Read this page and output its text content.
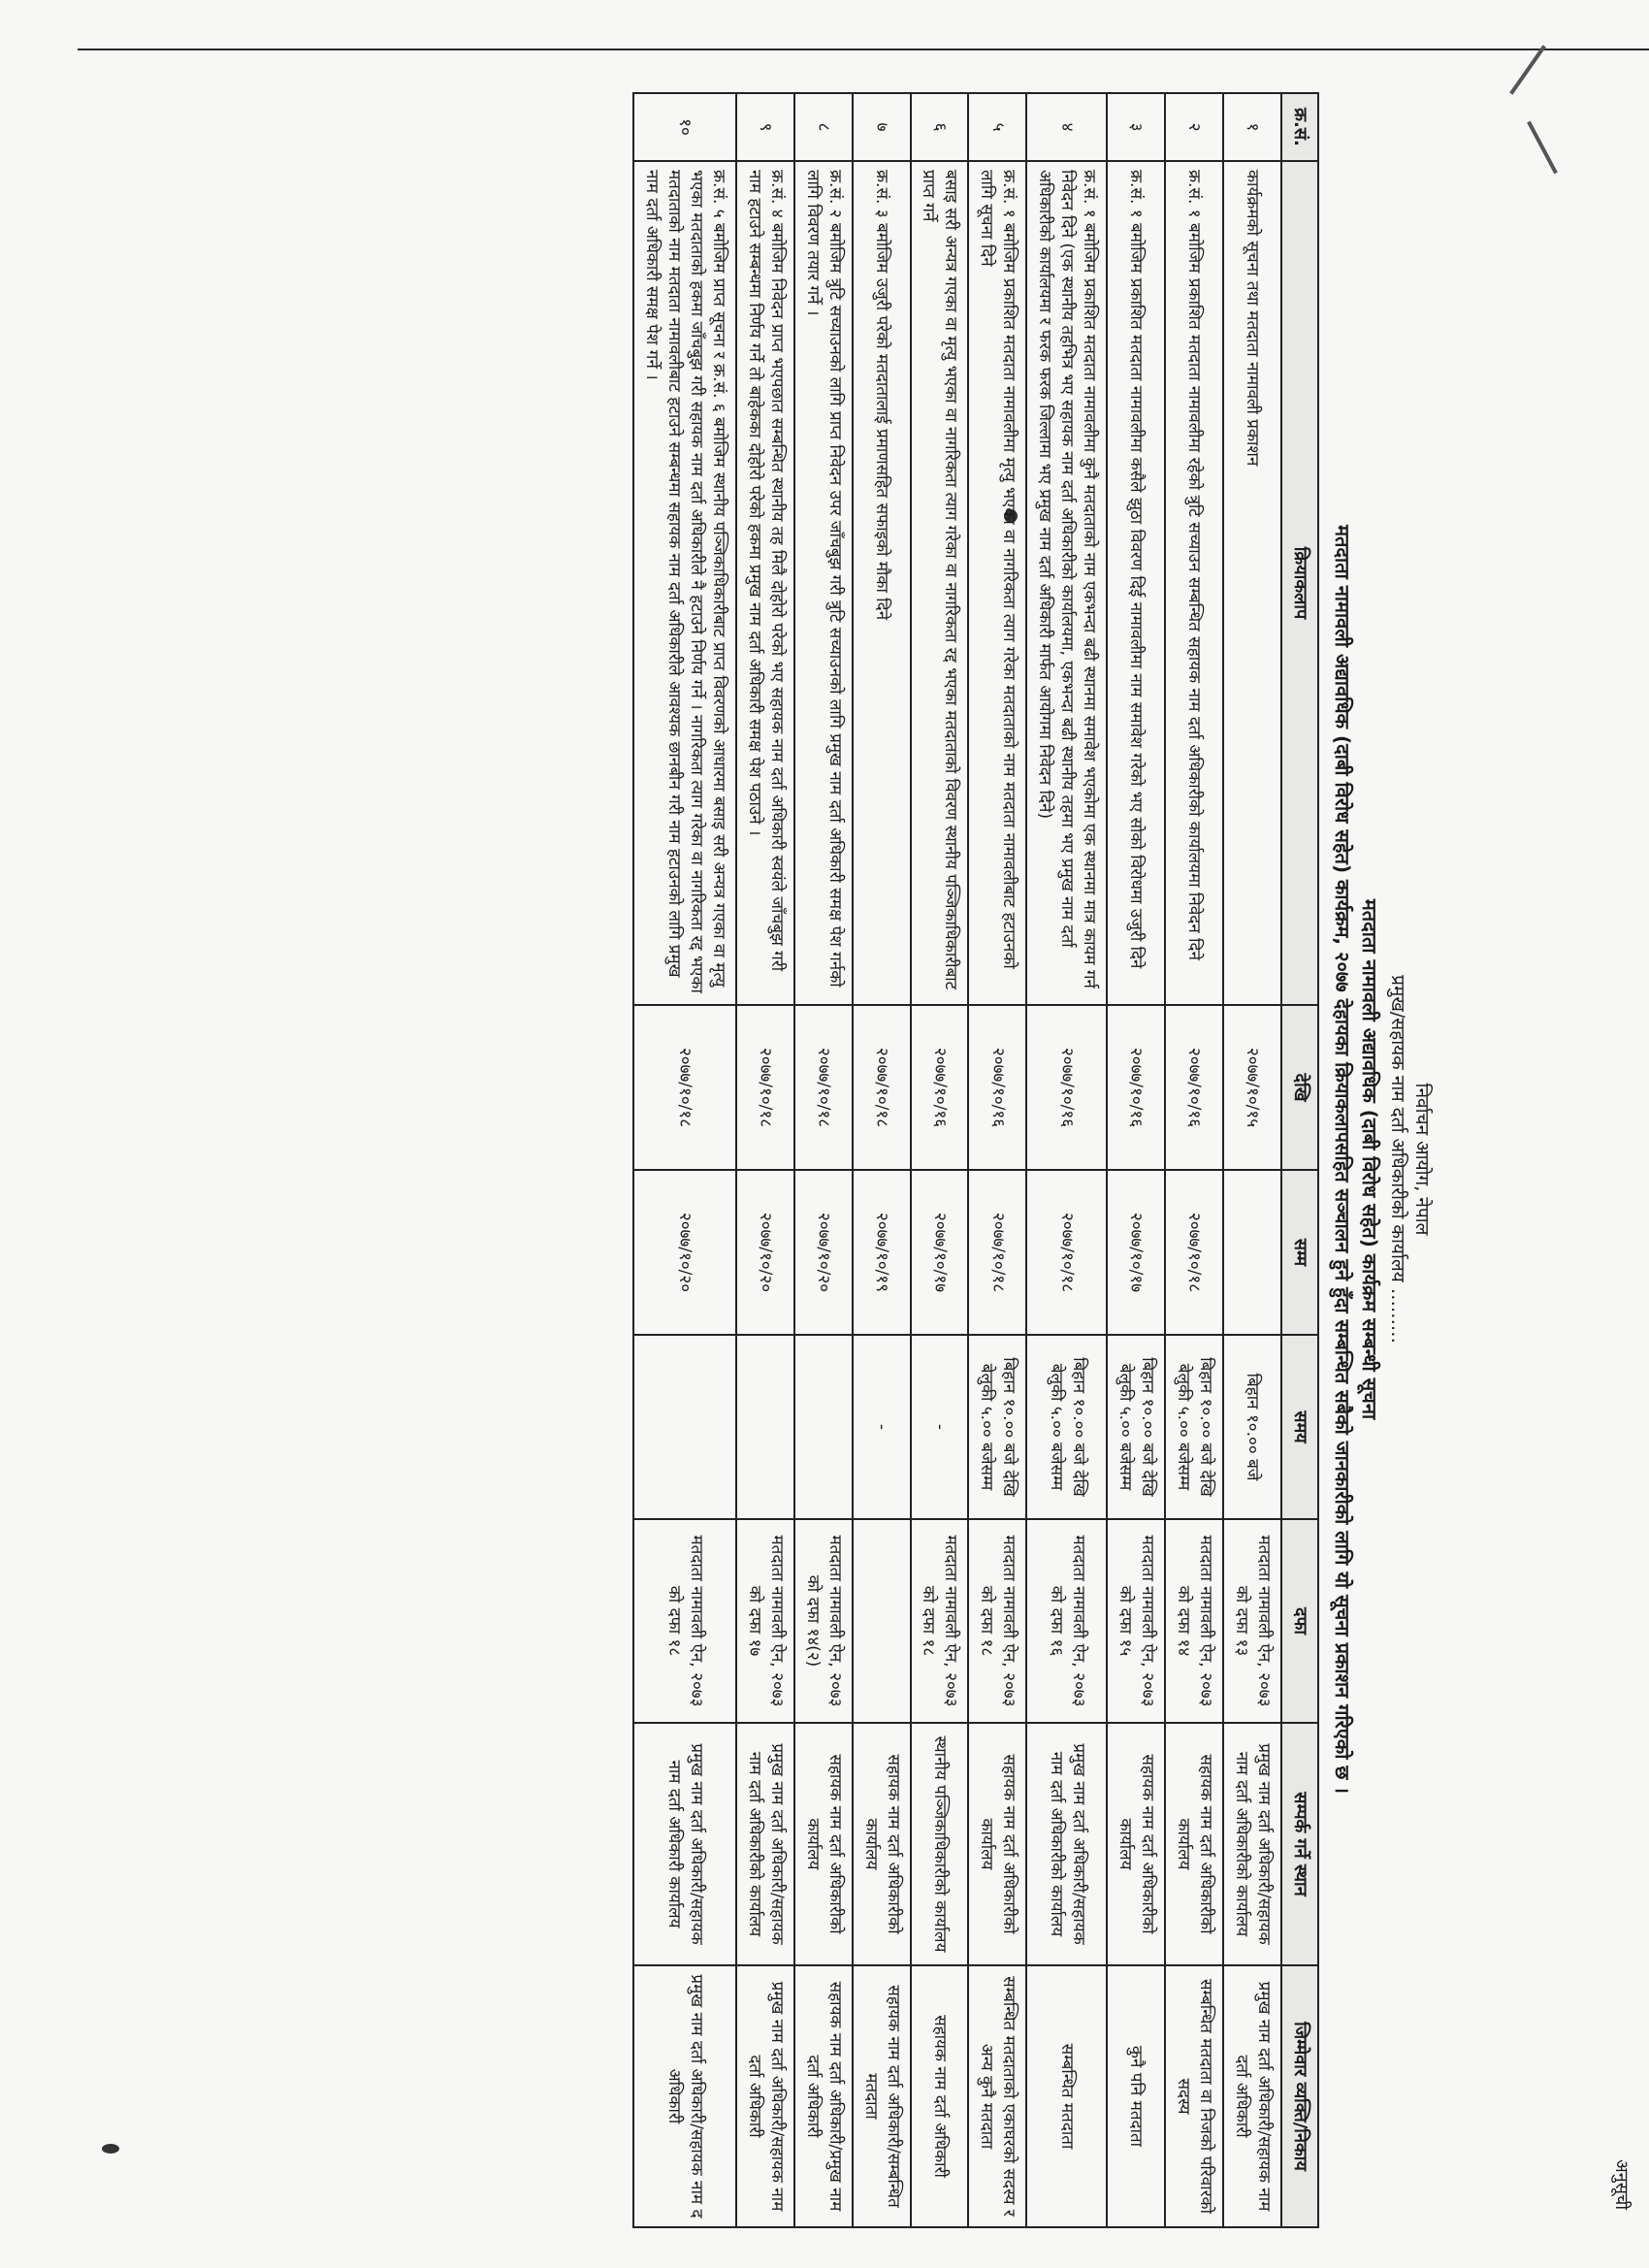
अनुसूची
निर्वाचन आयोग, नेपाल
प्रमुख/सहायक नाम दर्ता अधिकारीको कार्यालय ………
मतदाता नामावली अद्यावधिक (दाबी विरोध सहेत) कार्यक्रम सम्बन्धी सूचना
मतदाता नामावली अद्यावधिक (दाबी विरोध सहेत) कार्यक्रम, २०७७ देहायका क्रियाकलापसहित सञ्चालन हुने हुँदा सम्बन्धित सबैको जानकारीको लागि यो सूचना प्रकाशन गरिएको छ ।
क्र.सं.	क्रियाकलाप	देखि	सम्म	समय	दफा	सम्पर्क गर्ने स्थान	जिम्मेवार व्यक्ति/निकाय
१	कार्यक्रमको सूचना तथा मतदाता नामावली प्रकाशन	२०७७/१०/१५		बिहान १०.०० बजे	मतदाता नामावली ऐन, २०७३ को दफा १३	प्रमुख नाम दर्ता अधिकारी/सहायक नाम दर्ता अधिकारीको कार्यालय	प्रमुख नाम दर्ता अधिकारी/सहायक नाम दर्ता अधिकारी
२	क्र.सं. १ बमोजिम प्रकाशित मतदाता नामावलीमा रहेको त्रुटि सच्याउन सम्बन्धित सहायक नाम दर्ता अधिकारीको कार्यालयमा निवेदन दिने	२०७७/१०/१६	२०७७/१०/१८	बिहान १०.०० बजे देखि बेलुकी ५.०० बजेसम्म	मतदाता नामावली ऐन, २०७३ को दफा १४	सहायक नाम दर्ता अधिकारीको कार्यालय	सम्बन्धित मतदाता वा निजको परिवारको सदस्य
३	क्र.सं. १ बमोजिम प्रकाशित मतदाता नामावलीमा कसैले झुठा विवरण दिई नामावलीमा नाम समावेश गरेको भए सोको विरोधमा उजुरी दिने	२०७७/१०/१६	२०७७/१०/१७	बिहान १०.०० बजे देखि बेलुकी ५.०० बजेसम्म	मतदाता नामावली ऐन, २०७३ को दफा १५	सहायक नाम दर्ता अधिकारीको कार्यालय	कुनै पनि मतदाता
४	क्र.सं. १ बमोजिम प्रकाशित मतदाता नामावलीमा कुनै मतदाताको नाम एकभन्दा बढी स्थानमा समावेश भएकोमा एक स्थानमा मात्र कायम गर्न निवेदन दिने (एक स्थानीय तहभित्र भए सहायक नाम दर्ता अधिकारीको कार्यालयमा, एकभन्दा बढी स्थानीय तहमा भए प्रमुख नाम दर्ता अधिकारीको कार्यालयमा र फरक फरक जिल्लामा भए प्रमुख नाम दर्ता अधिकारी मार्फत आयोगमा निवेदन दिने)	२०७७/१०/१६	२०७७/१०/१८	बिहान १०.०० बजे देखि बेलुकी ५.०० बजेसम्म	मतदाता नामावली ऐन, २०७३ को दफा १६	प्रमुख नाम दर्ता अधिकारी/सहायक नाम दर्ता अधिकारीको कार्यालय	सम्बन्धित मतदाता
५	क्र.सं. १ बमोजिम प्रकाशित मतदाता नामावलीमा मृत्यु भएका वा नागरिकता त्याग गरेका मतदाताको नाम मतदाता नामावलीबाट हटाउनको लागि सूचना दिने	२०७७/१०/१६	२०७७/१०/१८	बिहान १०.०० बजे देखि बेलुकी ५.०० बजेसम्म	मतदाता नामावली ऐन, २०७३ को दफा १८	सहायक नाम दर्ता अधिकारीको कार्यालय	सम्बन्धित मतदाताको एकाघरको सदस्य र अन्य कुनै मतदाता
६	बसाइ सरी अन्यत्र गएका वा मृत्यु भएका वा नागरिकता त्याग गरेका वा नागरिकता रद्द भएका मतदाताको विवरण स्थानीय पञ्जिकाधिकारीबाट प्राप्त गर्ने	२०७७/१०/१६	२०७७/१०/१७	-	मतदाता नामावली ऐन, २०७३ को दफा १८	स्थानीय पञ्जिकाधिकारीको कार्यालय	सहायक नाम दर्ता अधिकारी
७	क्र.सं. ३ बमोजिम उजुरी परेको मतदातालाई प्रमाणसहित सफाइको मौका दिने	२०७७/१०/१८	२०७७/१०/१९	-		सहायक नाम दर्ता अधिकारीको कार्यालय	सहायक नाम दर्ता अधिकारी/सम्बन्धित मतदाता
८	क्र.सं. २ बमोजिम त्रुटि सच्याउनको लागि प्राप्त निवेदन उपर जाँचबुझ गरी त्रुटि सच्याउनको लागि प्रमुख नाम दर्ता अधिकारी समक्ष पेश गर्नको लागि विवरण तयार गर्ने ।	२०७७/१०/१८	२०७७/१०/२०		मतदाता नामावली ऐन, २०७३ को दफा १४(२)	सहायक नाम दर्ता अधिकारीको कार्यालय	सहायक नाम दर्ता अधिकारी/प्रमुख नाम दर्ता अधिकारी
९	क्र.सं. ४ बमोजिम निवेदन प्राप्त भएपछात सम्बन्धित स्थानीय तह मिलै दोहोरो परेको भए सहायक नाम दर्ता अधिकारी स्वयंले जाँचबुझ गरी नाम हटाउने सम्बन्धमा निर्णय गर्ने तो बाहेकका दोहोरो परेको हकमा प्रमुख नाम दर्ता अधिकारी समक्ष पेश पठाउने ।	२०७७/१०/१८	२०७७/१०/२०		मतदाता नामावली ऐन, २०७३ को दफा १७	प्रमुख नाम दर्ता अधिकारी/सहायक नाम दर्ता अधिकारीको कार्यालय	प्रमुख नाम दर्ता अधिकारी/सहायक नाम दर्ता अधिकारी
१०	क्र.सं. ५ बमोजिम प्राप्त सूचना र क्र.सं. ६ बमोजिम स्थानीय पञ्जिकाधिकारीबाट प्राप्त विवरणको आधारमा बसाइ सरी अन्यत्र गएका वा मृत्यु भएका मतदाताको हकमा जाँचबुझ गरी सहायक नाम दर्ता अधिकारीले नै हटाउने निर्णय गर्ने । नागरिकता त्याग गरेका वा नागरिकता रद्द भएका मतदाताको नाम मतदाता नामावलीबाट हटाउने सम्बन्धमा सहायक नाम दर्ता अधिकारीले आवश्यक छानबीन गरी नाम हटाउनको लागि प्रमुख नाम दर्ता अधिकारी समक्ष पेश गर्ने ।	२०७७/१०/१८	२०७७/१०/२०		मतदाता नामावली ऐन, २०७३ को दफा १८	प्रमुख नाम दर्ता अधिकारी/सहायक नाम दर्ता अधिकारी कार्यालय	प्रमुख नाम दर्ता अधिकारी/सहायक नाम द अधिकारी
